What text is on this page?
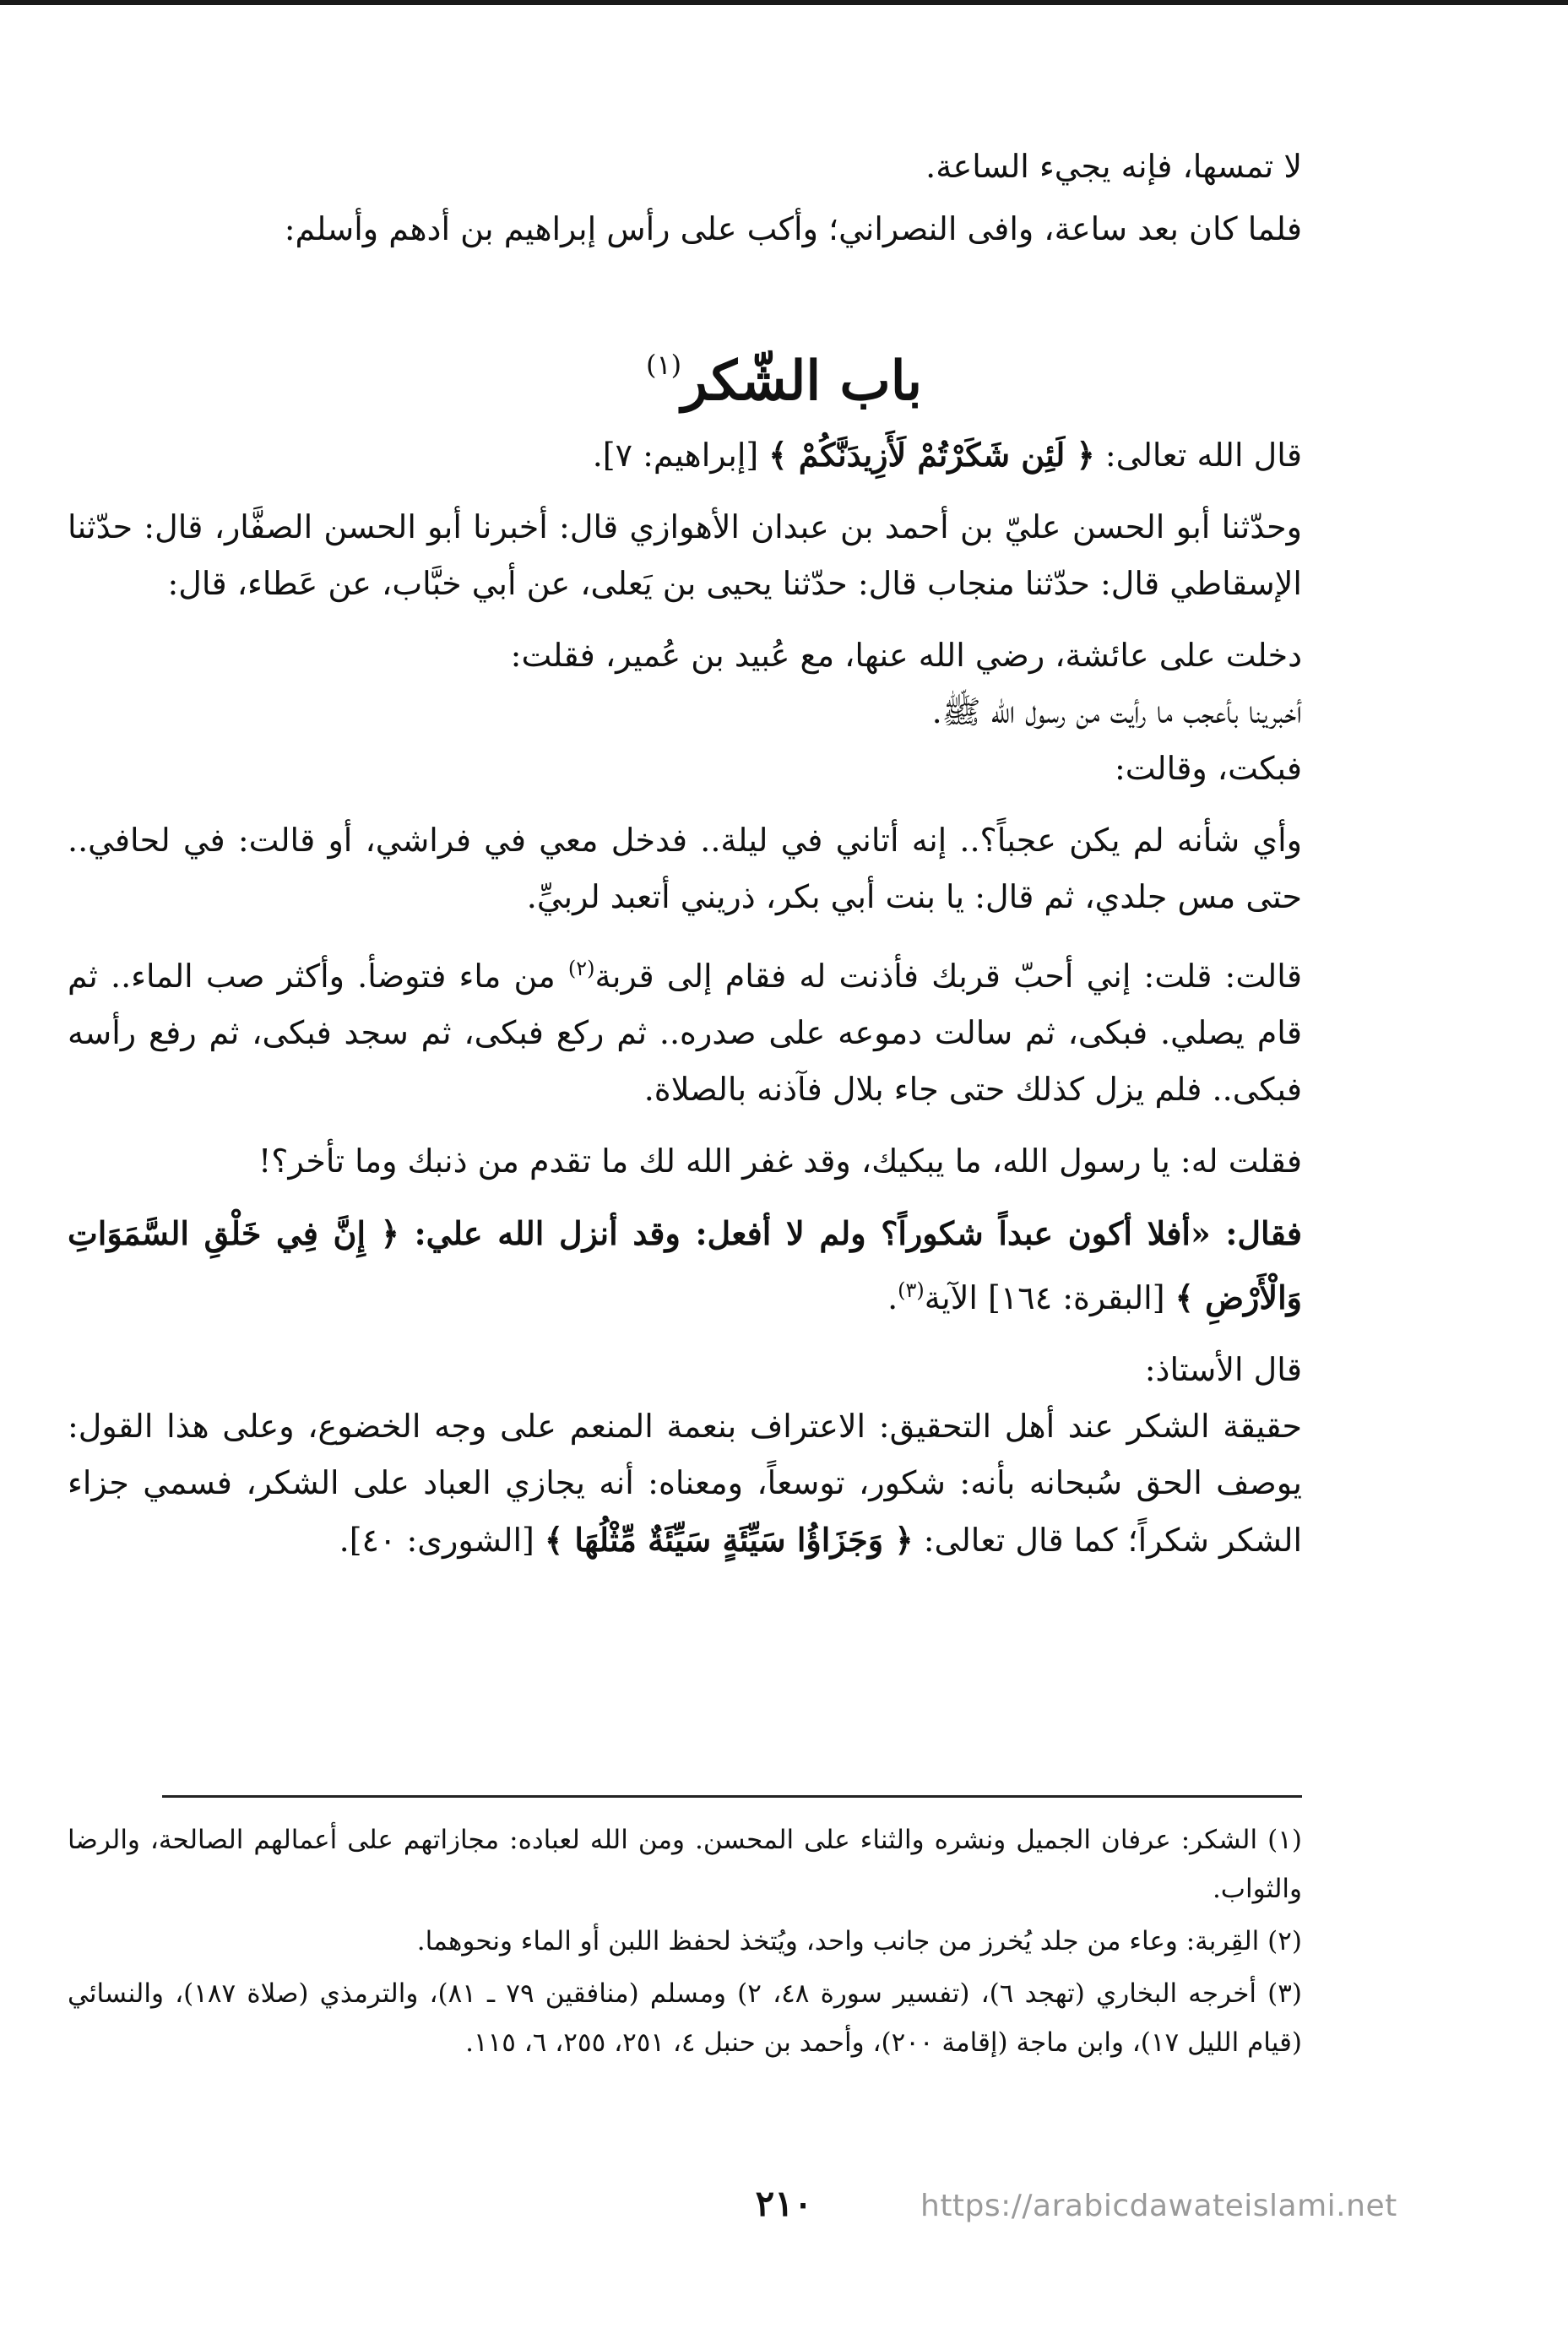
لا تمسها، فإنه يجيء الساعة.

فلما كان بعد ساعة، وافى النصراني؛ وأكب على رأس إبراهيم بن أدهم وأسلم:

باب الشّكر$^{(١)}$

قال الله تعالى: ﴿ لَئِن شَكَرْتُمْ لَأَزِيدَنَّكُمْ ﴾ [إبراهيم: ٧].

وحدّثنا أبو الحسن عليّ بن أحمد بن عبدان الأهوازي قال: أخبرنا أبو الحسن الصفَّار، قال: حدّثنا الإسقاطي قال: حدّثنا منجاب قال: حدّثنا يحيى بن يَعلى، عن أبي خبَّاب، عن عَطاء، قال:

دخلت على عائشة، رضي الله عنها، مع عُبيد بن عُمير، فقلت:

أخبرينا بأعجب ما رأيت من رسول الله ﷺ.

فبكت، وقالت:

وأي شأنه لم يكن عجباً؟.. إنه أتاني في ليلة.. فدخل معي في فراشي، أو قالت: في لحافي.. حتى مس جلدي، ثم قال: يا بنت أبي بكر، ذريني أتعبد لربيِّ.

قالت: قلت: إني أحبّ قربك فأذنت له فقام إلى قربة$^{(٢)}$ من ماء فتوضأ. وأكثر صب الماء.. ثم قام يصلي. فبكى، ثم سالت دموعه على صدره.. ثم ركع فبكى، ثم سجد فبكى، ثم رفع رأسه فبكى.. فلم يزل كذلك حتى جاء بلال فآذنه بالصلاة.

فقلت له: يا رسول الله، ما يبكيك، وقد غفر الله لك ما تقدم من ذنبك وما تأخر؟!

فقال: «أفلا أكون عبداً شكوراً؟ ولم لا أفعل: وقد أنزل الله علي: ﴿ إِنَّ فِي خَلْقِ السَّمَوَاتِ وَالْأَرْضِ ﴾ [البقرة: ١٦٤] الآية$^{(٣)}$.

قال الأستاذ:

حقيقة الشكر عند أهل التحقيق: الاعتراف بنعمة المنعم على وجه الخضوع، وعلى هذا القول: يوصف الحق سُبحانه بأنه: شكور، توسعاً، ومعناه: أنه يجازي العباد على الشكر، فسمي جزاء الشكر شكراً؛ كما قال تعالى: ﴿ وَجَزَاؤُا سَيِّئَةٍ سَيِّئَةٌ مِّثْلُهَا ﴾ [الشورى: ٤٠].

(١) الشكر: عرفان الجميل ونشره والثناء على المحسن. ومن الله لعباده: مجازاتهم على أعمالهم الصالحة، والرضا والثواب.

(٢) القِربة: وعاء من جلد يُخرز من جانب واحد، ويُتخذ لحفظ اللبن أو الماء ونحوهما.

(٣) أخرجه البخاري (تهجد ٦)، (تفسير سورة ٤٨، ٢) ومسلم (منافقين ٧٩ ـ ٨١)، والترمذي (صلاة ١٨٧)، والنسائي (قيام الليل ١٧)، وابن ماجة (إقامة ٢٠٠)، وأحمد بن حنبل ٤، ٢٥١، ٢٥٥، ٦، ١١٥.

٢١٠	https://arabicdawateislami.net
